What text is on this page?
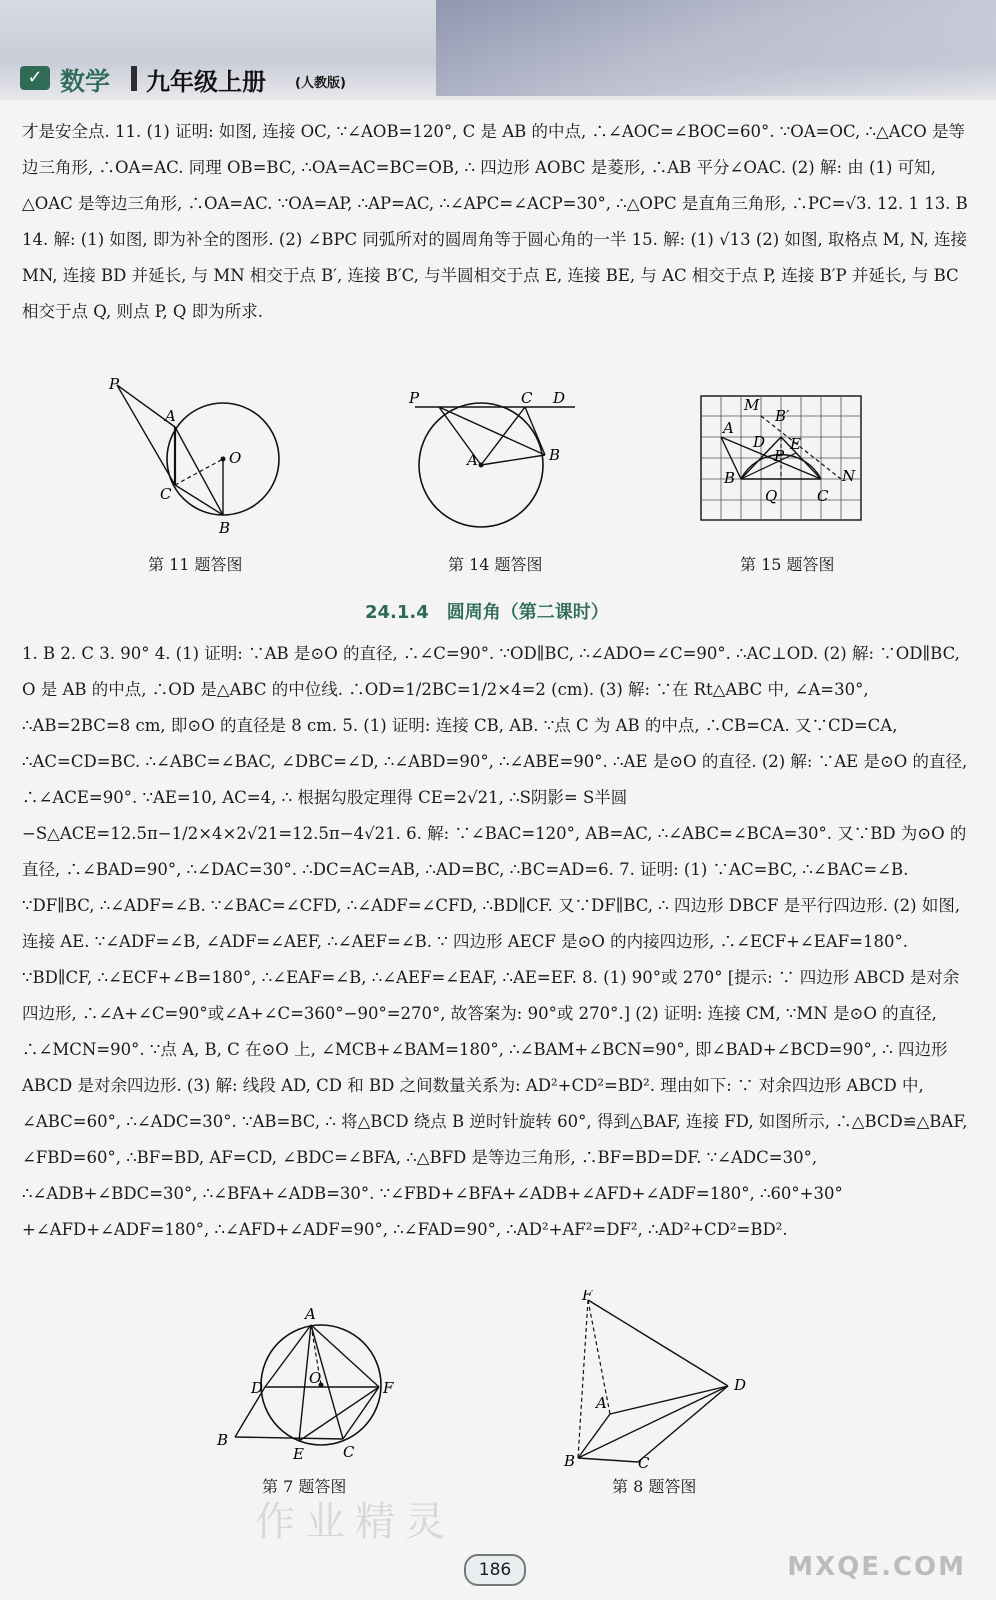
✓ 数学 九年级上册 (人教版)
才是安全点. 11. (1) 证明: 如图, 连接 OC, ∵∠AOB=120°, C 是 AB 的中点, ∴∠AOC=∠BOC=60°. ∵OA=OC, ∴△ACO 是等边三角形, ∴OA=AC. 同理 OB=BC, ∴OA=AC=BC=OB, ∴ 四边形 AOBC 是菱形, ∴AB 平分∠OAC. (2) 解: 由 (1) 可知, △OAC 是等边三角形, ∴OA=AC. ∵OA=AP, ∴AP=AC, ∴∠APC=∠ACP=30°, ∴△OPC 是直角三角形, ∴PC=√3. 12. 1 13. B 14. 解: (1) 如图, 即为补全的图形. (2) ∠BPC 同弧所对的圆周角等于圆心角的一半 15. 解: (1) √13 (2) 如图, 取格点 M, N, 连接 MN, 连接 BD 并延长, 与 MN 相交于点 B′, 连接 B′C, 与半圆相交于点 E, 连接 BE, 与 AC 相交于点 P, 连接 B′P 并延长, 与 BC 相交于点 Q, 则点 P, Q 即为所求.
P
A
O
C
B
第 11 题答图
P	C D
A	B
第 14 题答图
M
B′
A
D E
P
B
Q	C
N
第 15 题答图
24.1.4　圆周角（第二课时）
1. B 2. C 3. 90° 4. (1) 证明: ∵AB 是⊙O 的直径, ∴∠C=90°. ∵OD∥BC, ∴∠ADO=∠C=90°. ∴AC⊥OD. (2) 解: ∵OD∥BC, O 是 AB 的中点, ∴OD 是△ABC 的中位线. ∴OD=1/2BC=1/2×4=2 (cm). (3) 解: ∵在 Rt△ABC 中, ∠A=30°, ∴AB=2BC=8 cm, 即⊙O 的直径是 8 cm. 5. (1) 证明: 连接 CB, AB. ∵点 C 为 AB 的中点, ∴CB=CA. 又∵CD=CA, ∴AC=CD=BC. ∴∠ABC=∠BAC, ∠DBC=∠D, ∴∠ABD=90°, ∴∠ABE=90°. ∴AE 是⊙O 的直径. (2) 解: ∵AE 是⊙O 的直径, ∴∠ACE=90°. ∵AE=10, AC=4, ∴ 根据勾股定理得 CE=2√21, ∴S阴影= S半圆−S△ACE=12.5π−1/2×4×2√21=12.5π−4√21. 6. 解: ∵∠BAC=120°, AB=AC, ∴∠ABC=∠BCA=30°. 又∵BD 为⊙O 的直径, ∴∠BAD=90°, ∴∠DAC=30°. ∴DC=AC=AB, ∴AD=BC, ∴BC=AD=6. 7. 证明: (1) ∵AC=BC, ∴∠BAC=∠B. ∵DF∥BC, ∴∠ADF=∠B. ∵∠BAC=∠CFD, ∴∠ADF=∠CFD, ∴BD∥CF. 又∵DF∥BC, ∴ 四边形 DBCF 是平行四边形. (2) 如图, 连接 AE. ∵∠ADF=∠B, ∠ADF=∠AEF, ∴∠AEF=∠B. ∵ 四边形 AECF 是⊙O 的内接四边形, ∴∠ECF+∠EAF=180°. ∵BD∥CF, ∴∠ECF+∠B=180°, ∴∠EAF=∠B, ∴∠AEF=∠EAF, ∴AE=EF. 8. (1) 90°或 270° [提示: ∵ 四边形 ABCD 是对余四边形, ∴∠A+∠C=90°或∠A+∠C=360°−90°=270°, 故答案为: 90°或 270°.] (2) 证明: 连接 CM, ∵MN 是⊙O 的直径, ∴∠MCN=90°. ∵点 A, B, C 在⊙O 上, ∠MCB+∠BAM=180°, ∴∠BAM+∠BCN=90°, 即∠BAD+∠BCD=90°, ∴ 四边形 ABCD 是对余四边形. (3) 解: 线段 AD, CD 和 BD 之间数量关系为: AD²+CD²=BD². 理由如下: ∵ 对余四边形 ABCD 中, ∠ABC=60°, ∴∠ADC=30°. ∵AB=BC, ∴ 将△BCD 绕点 B 逆时针旋转 60°, 得到△BAF, 连接 FD, 如图所示, ∴△BCD≌△BAF, ∠FBD=60°, ∴BF=BD, AF=CD, ∠BDC=∠BFA, ∴△BFD 是等边三角形, ∴BF=BD=DF. ∵∠ADC=30°, ∴∠ADB+∠BDC=30°, ∴∠BFA+∠ADB=30°. ∵∠FBD+∠BFA+∠ADB+∠AFD+∠ADF=180°, ∴60°+30°+∠AFD+∠ADF=180°, ∴∠AFD+∠ADF=90°, ∴∠FAD=90°, ∴AD²+AF²=DF², ∴AD²+CD²=BD².
A
O
D	F
B
E	C
第 7 题答图
F
A
D
B	C
第 8 题答图
作业精灵
186	MXQE.COM
